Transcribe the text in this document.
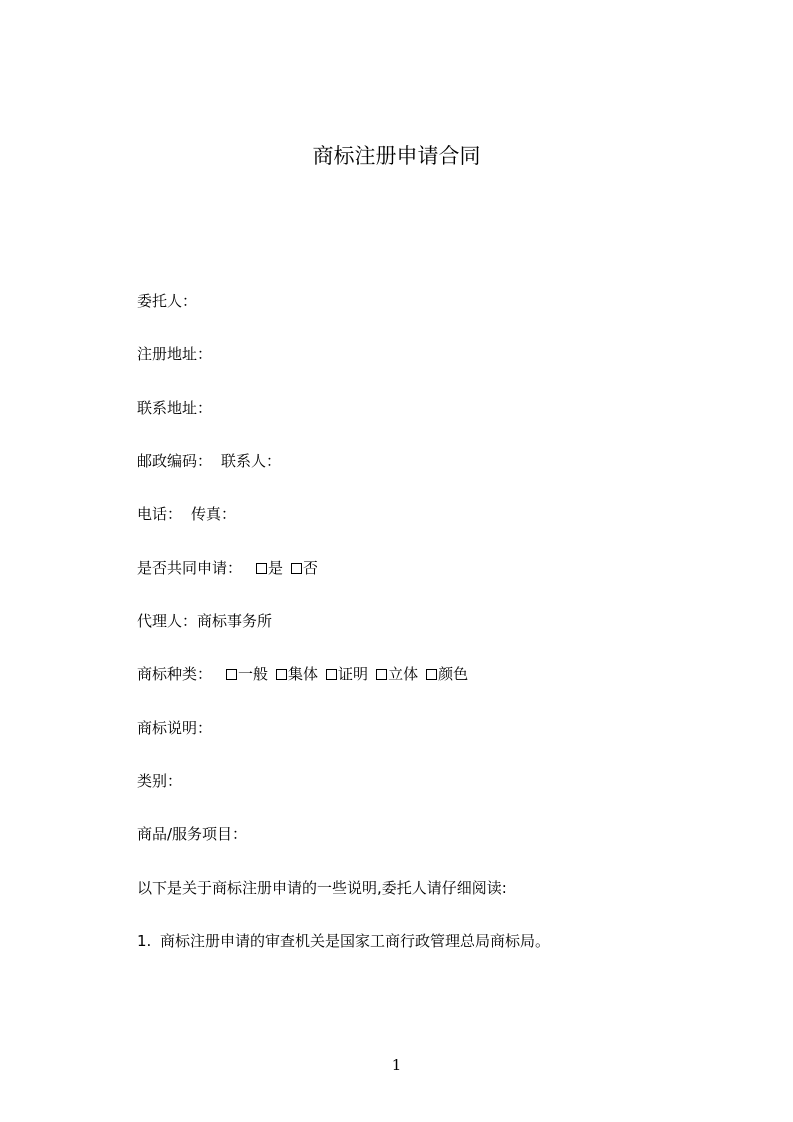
商标注册申请合同
委托人：
注册地址：
联系地址：
邮政编码： 联系人：
电话： 传真：
是否共同申请： 是 否
代理人：商标事务所
商标种类： 一般 集体 证明 立体 颜色
商标说明：
类别：
商品/服务项目：
以下是关于商标注册申请的一些说明,委托人请仔细阅读:
1. 商标注册申请的审查机关是国家工商行政管理总局商标局。
1
